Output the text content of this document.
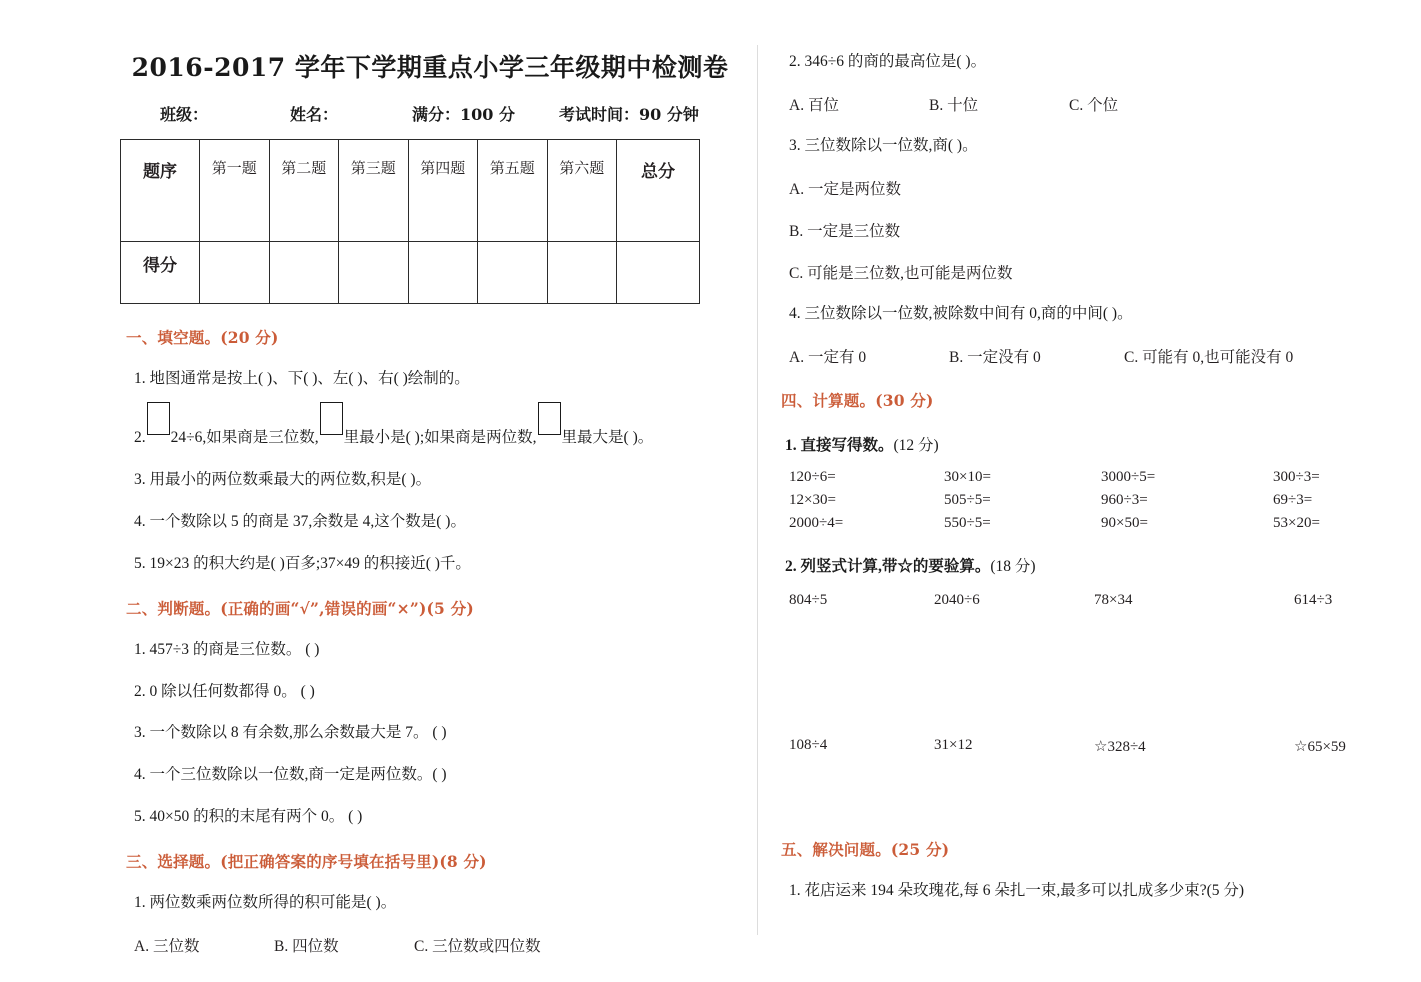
2016-2017 学年下学期重点小学三年级期中检测卷
班级：	姓名：	满分：100 分	考试时间：90 分钟
题序	第一题	第二题	第三题	第四题	第五题	第六题	总分
得分							
一、填空题。(20 分)
1. 地图通常是按上( )、下( )、左( )、右( )绘制的。
2. 24÷6,如果商是三位数, 里最小是( );如果商是两位数, 里最大是( )。
3. 用最小的两位数乘最大的两位数,积是( )。
4. 一个数除以 5 的商是 37,余数是 4,这个数是( )。
5. 19×23 的积大约是( )百多;37×49 的积接近( )千。
二、判断题。(正确的画“√”,错误的画“×”)(5 分)
1. 457÷3 的商是三位数。 ( )
2. 0 除以任何数都得 0。 ( )
3. 一个数除以 8 有余数,那么余数最大是 7。 ( )
4. 一个三位数除以一位数,商一定是两位数。( )
5. 40×50 的积的末尾有两个 0。 ( )
三、选择题。(把正确答案的序号填在括号里)(8 分)
1. 两位数乘两位数所得的积可能是( )。
A. 三位数	B. 四位数	C. 三位数或四位数
2. 346÷6 的商的最高位是( )。
A. 百位	B. 十位	C. 个位
3. 三位数除以一位数,商( )。
A. 一定是两位数
B. 一定是三位数
C. 可能是三位数,也可能是两位数
4. 三位数除以一位数,被除数中间有 0,商的中间( )。
A. 一定有 0	B. 一定没有 0	C. 可能有 0,也可能没有 0
四、计算题。(30 分)
1. 直接写得数。(12 分)
120÷6=	30×10=	3000÷5=	300÷3=
12×30=	505÷5=	960÷3=	69÷3=
2000÷4=	550÷5=	90×50=	53×20=
2. 列竖式计算,带☆的要验算。(18 分)
804÷5	2040÷6	78×34	614÷3
108÷4	31×12	☆328÷4	☆65×59
五、解决问题。(25 分)
1. 花店运来 194 朵玫瑰花,每 6 朵扎一束,最多可以扎成多少束?(5 分)
